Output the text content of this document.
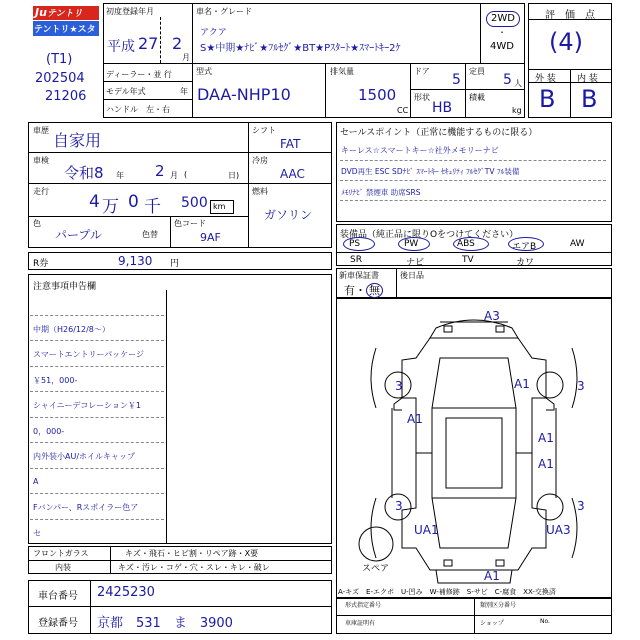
Juテントリ
テントリ★スター
(T1)
202504
21206
初度登録年月
平成 27 2
月
車名・グレード
アクア
S★中期★ﾅﾋﾞ★ﾌﾙｾｸﾞ★BT★Pｽﾀｰﾄ★ｽﾏｰﾄｷｰ2ｹ
2WD
・
4WD
ディーラー・並 行
モデル年式	年
ハンドル　左・右
型式
DAA-NHP10
排気量
1500
CC
ドア
5
定員
5 人
形状
HB
積載
kg
評　価　点
(4)
外 装 内 装
B B
車歴
自家用
車検
令和8 年 2 月 (	日)
走行
4 万 0 千 500 km
色
パープル	色替
色コード
9AF
シフト
FAT
冷房
AAC
燃料
ガソリン
R券	9,130 円
セールスポイント（正常に機能するものに限る）
キーレス☆スマートキー☆社外メモリーナビ
DVD再生 ESC SDﾅﾋﾞ ｽﾏｰﾄｷｰ ｾｷｭﾘﾃｨ ﾌﾙｾｸﾞTV ﾌﾙ装備
ﾒﾓﾘﾅﾋﾞ 禁煙車 助席SRS
装備品（純正品に限りOをつけてください）
PS	PW	ABS	エアB	AW
SR	ナビ	TV	カワ
新車保証書
有・ 無
後日品
注意事項申告欄
中期（H26/12/8～）
スマートエントリーパッケージ
￥51，000-
シャイニーデコレーション￥1
0，000-
内外装小AU/ホイルキャップ
A
Fバンパー、Rスポイラー色ア
セ
フロントガラス	キズ・飛石・ヒビ割・リペア跡・X要
内装	キズ・汚レ・コゲ・穴・スレ・キレ・破レ
車台番号 2425230
登録番号 京都　531　ま　3900
スペア
A3
3	3
A1
A1
A1
A1
3	3
UA1	UA3
A1
A-キズ　E-エクボ　U-凹み　W-補修跡　S-サビ　C-腐食　XX-交換済
形式指定番号	類別区分番号
車庫証明有	ショップ	No.
